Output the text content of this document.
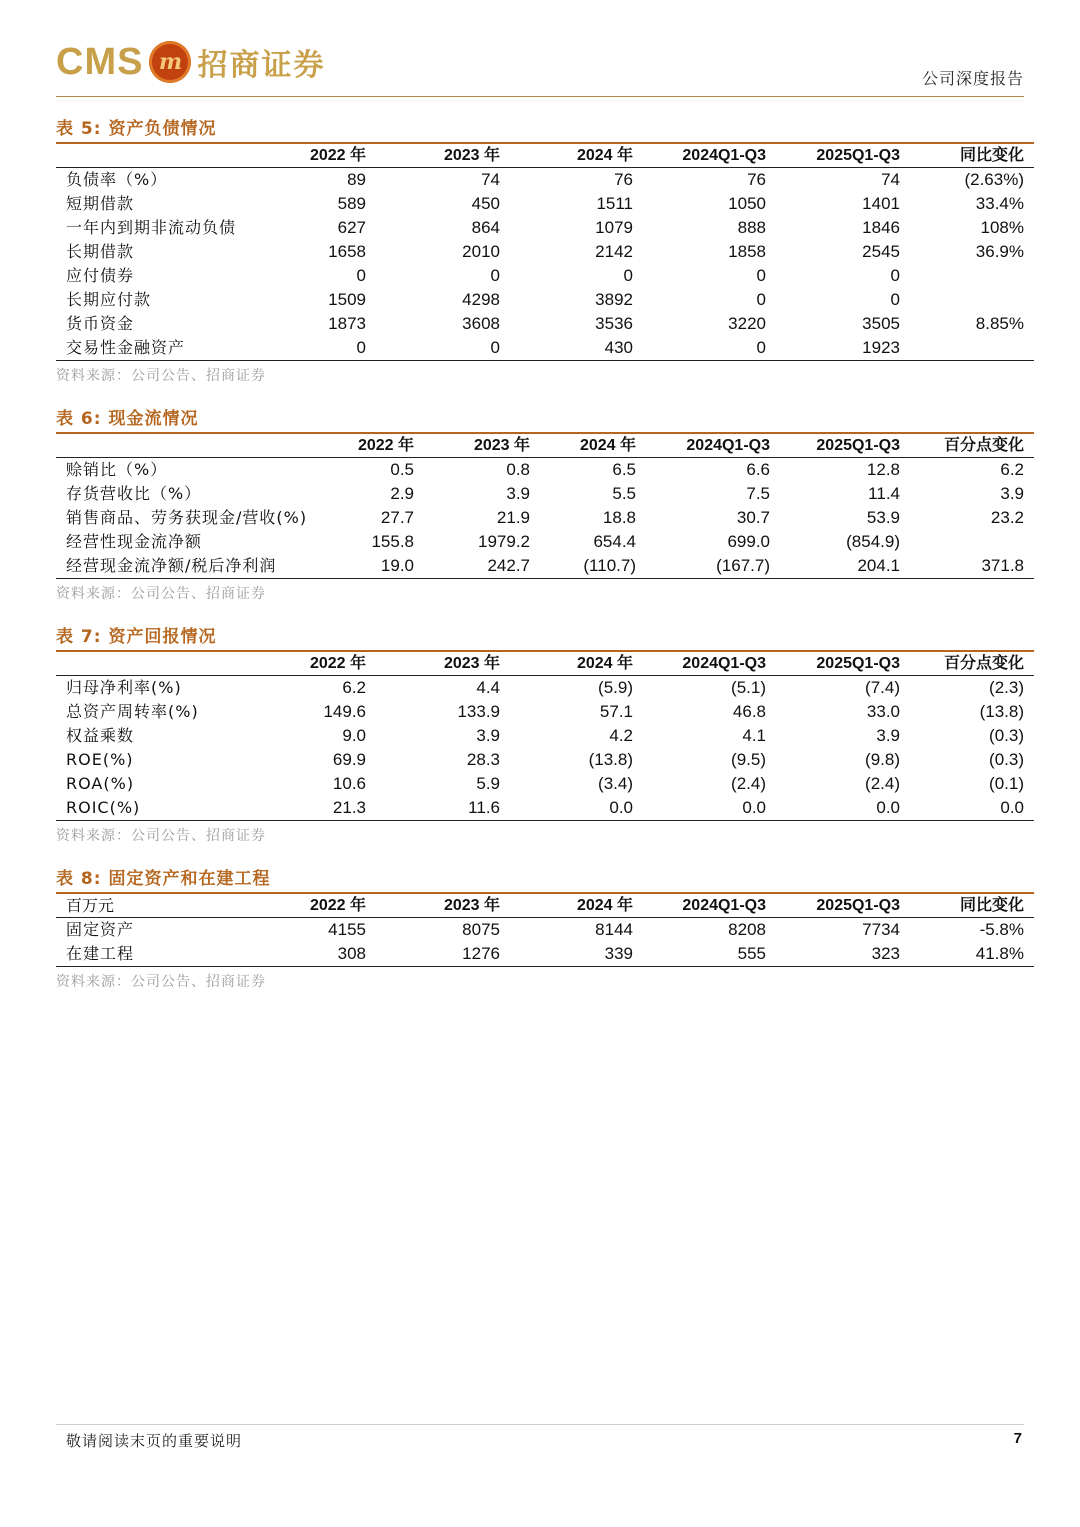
CMS m 招商证券	公司深度报告
表 5: 资产负债情况
	2022 年	2023 年	2024 年	2024Q1-Q3	2025Q1-Q3	同比变化
负债率（%）	89	74	76	76	74	(2.63%)
短期借款	589	450	1511	1050	1401	33.4%
一年内到期非流动负债	627	864	1079	888	1846	108%
长期借款	1658	2010	2142	1858	2545	36.9%
应付债券	0	0	0	0	0	
长期应付款	1509	4298	3892	0	0	
货币资金	1873	3608	3536	3220	3505	8.85%
交易性金融资产	0	0	430	0	1923	
资料来源：公司公告、招商证券
表 6: 现金流情况
	2022 年	2023 年	2024 年	2024Q1-Q3	2025Q1-Q3	百分点变化
赊销比（%）	0.5	0.8	6.5	6.6	12.8	6.2
存货营收比（%）	2.9	3.9	5.5	7.5	11.4	3.9
销售商品、劳务获现金/营收(%)	27.7	21.9	18.8	30.7	53.9	23.2
经营性现金流净额	155.8	1979.2	654.4	699.0	(854.9)	
经营现金流净额/税后净利润	19.0	242.7	(110.7)	(167.7)	204.1	371.8
资料来源：公司公告、招商证券
表 7: 资产回报情况
	2022 年	2023 年	2024 年	2024Q1-Q3	2025Q1-Q3	百分点变化
归母净利率(%)	6.2	4.4	(5.9)	(5.1)	(7.4)	(2.3)
总资产周转率(%)	149.6	133.9	57.1	46.8	33.0	(13.8)
权益乘数	9.0	3.9	4.2	4.1	3.9	(0.3)
ROE(%)	69.9	28.3	(13.8)	(9.5)	(9.8)	(0.3)
ROA(%)	10.6	5.9	(3.4)	(2.4)	(2.4)	(0.1)
ROIC(%)	21.3	11.6	0.0	0.0	0.0	0.0
资料来源：公司公告、招商证券
表 8: 固定资产和在建工程
百万元	2022 年	2023 年	2024 年	2024Q1-Q3	2025Q1-Q3	同比变化
固定资产	4155	8075	8144	8208	7734	-5.8%
在建工程	308	1276	339	555	323	41.8%
资料来源：公司公告、招商证券
敬请阅读末页的重要说明	7
